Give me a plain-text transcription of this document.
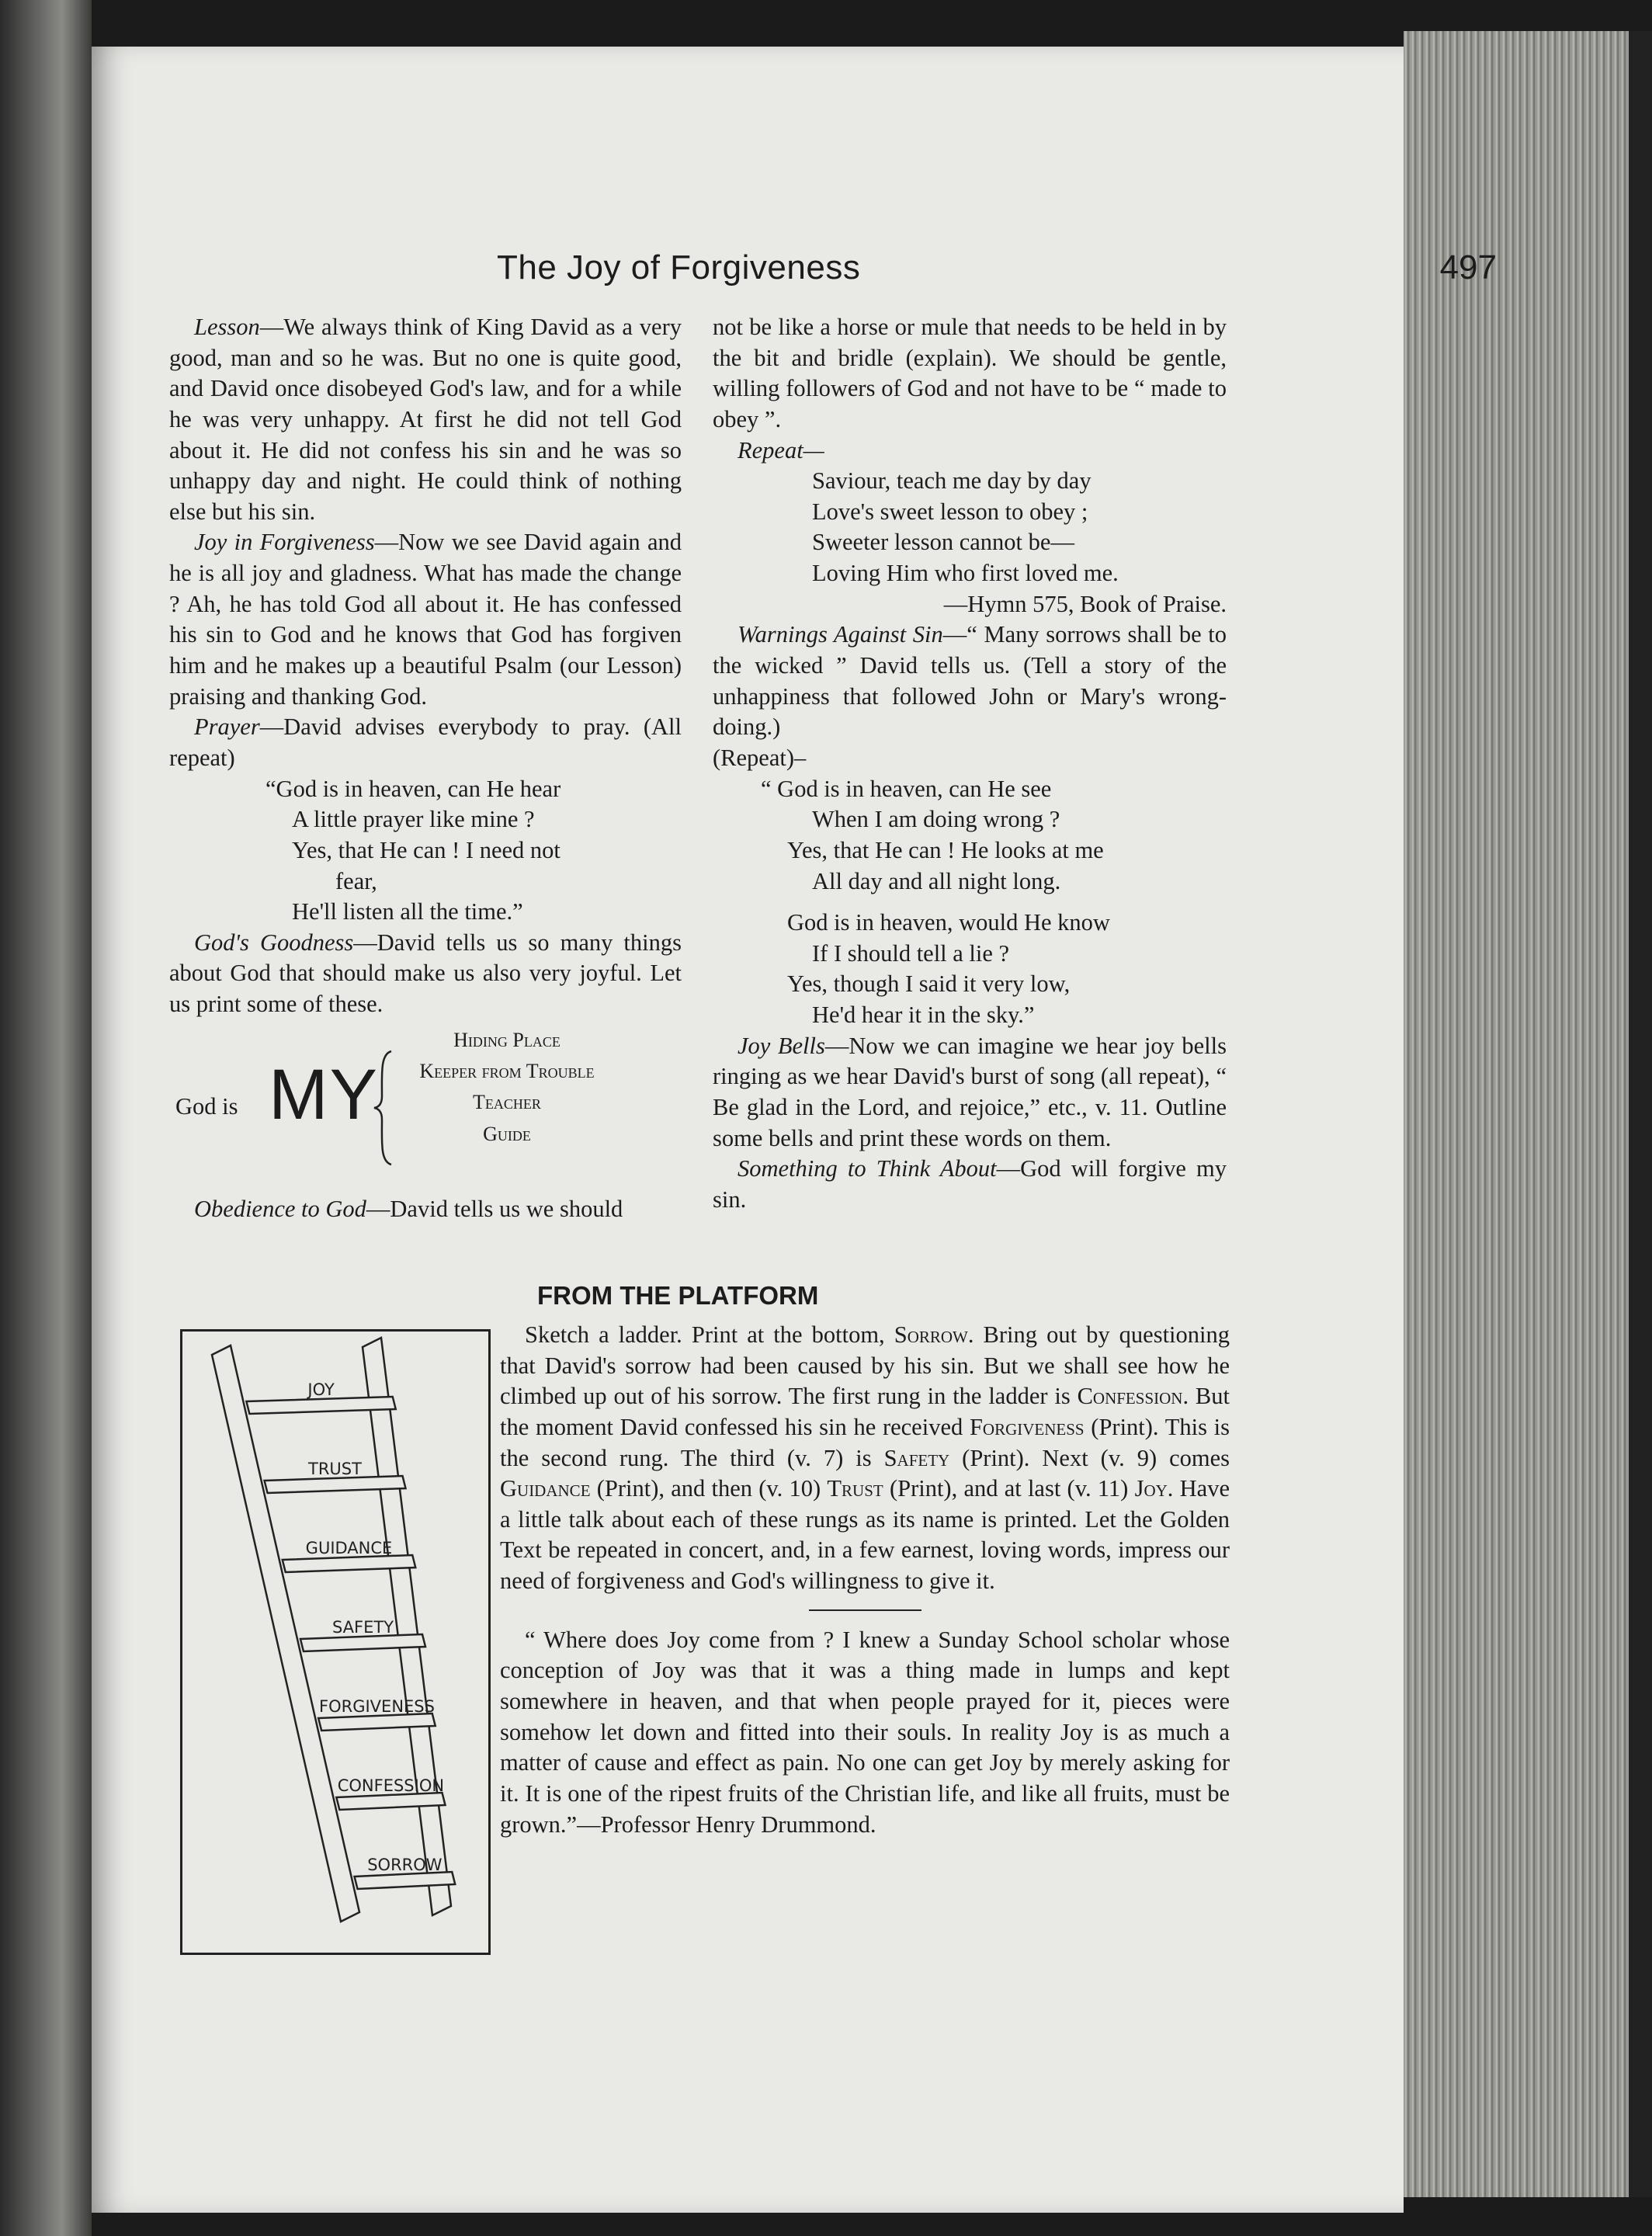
The Joy of Forgiveness	497

Lesson—We always think of King David as a very good, man and so he was. But no one is quite good, and David once disobeyed God's law, and for a while he was very unhappy. At first he did not tell God about it. He did not confess his sin and he was so unhappy day and night. He could think of nothing else but his sin.

Joy in Forgiveness—Now we see David again and he is all joy and gladness. What has made the change ? Ah, he has told God all about it. He has confessed his sin to God and he knows that God has forgiven him and he makes up a beautiful Psalm (our Lesson) praising and thanking God.

Prayer—David advises everybody to pray. (All repeat)

“God is in heaven, can He hear
A little prayer like mine ?
Yes, that He can ! I need not
fear,
He'll listen all the time.”

God's Goodness—David tells us so many things about God that should make us also very joyful. Let us print some of these.

God is MY
Hiding Place
Keeper from Trouble
Teacher
Guide

Obedience to God—David tells us we should

not be like a horse or mule that needs to be held in by the bit and bridle (explain). We should be gentle, willing followers of God and not have to be “ made to obey ”.

Repeat—

Saviour, teach me day by day
Love's sweet lesson to obey ;
Sweeter lesson cannot be—
Loving Him who first loved me.

—Hymn 575, Book of Praise.

Warnings Against Sin—“ Many sorrows shall be to the wicked ” David tells us. (Tell a story of the unhappiness that followed John or Mary's wrong-doing.)

(Repeat)–

“ God is in heaven, can He see
When I am doing wrong ?
Yes, that He can ! He looks at me
All day and all night long.
God is in heaven, would He know
If I should tell a lie ?
Yes, though I said it very low,
He'd hear it in the sky.”

Joy Bells—Now we can imagine we hear joy bells ringing as we hear David's burst of song (all repeat), “ Be glad in the Lord, and rejoice,” etc., v. 11. Outline some bells and print these words on them.

Something to Think About—God will forgive my sin.

FROM THE PLATFORM
JOY
TRUST
GUIDANCE
SAFETY
FORGIVENESS
CONFESSION
SORROW

Sketch a ladder. Print at the bottom, Sorrow. Bring out by questioning that David's sorrow had been caused by his sin. But we shall see how he climbed up out of his sorrow. The first rung in the ladder is Confession. But the moment David confessed his sin he received Forgiveness (Print). This is the second rung. The third (v. 7) is Safety (Print). Next (v. 9) comes Guidance (Print), and then (v. 10) Trust (Print), and at last (v. 11) Joy. Have a little talk about each of these rungs as its name is printed. Let the Golden Text be repeated in concert, and, in a few earnest, loving words, impress our need of forgiveness and God's willingness to give it.

“ Where does Joy come from ? I knew a Sunday School scholar whose conception of Joy was that it was a thing made in lumps and kept somewhere in heaven, and that when people prayed for it, pieces were somehow let down and fitted into their souls. In reality Joy is as much a matter of cause and effect as pain. No one can get Joy by merely asking for it. It is one of the ripest fruits of the Christian life, and like all fruits, must be grown.”—Professor Henry Drummond.
